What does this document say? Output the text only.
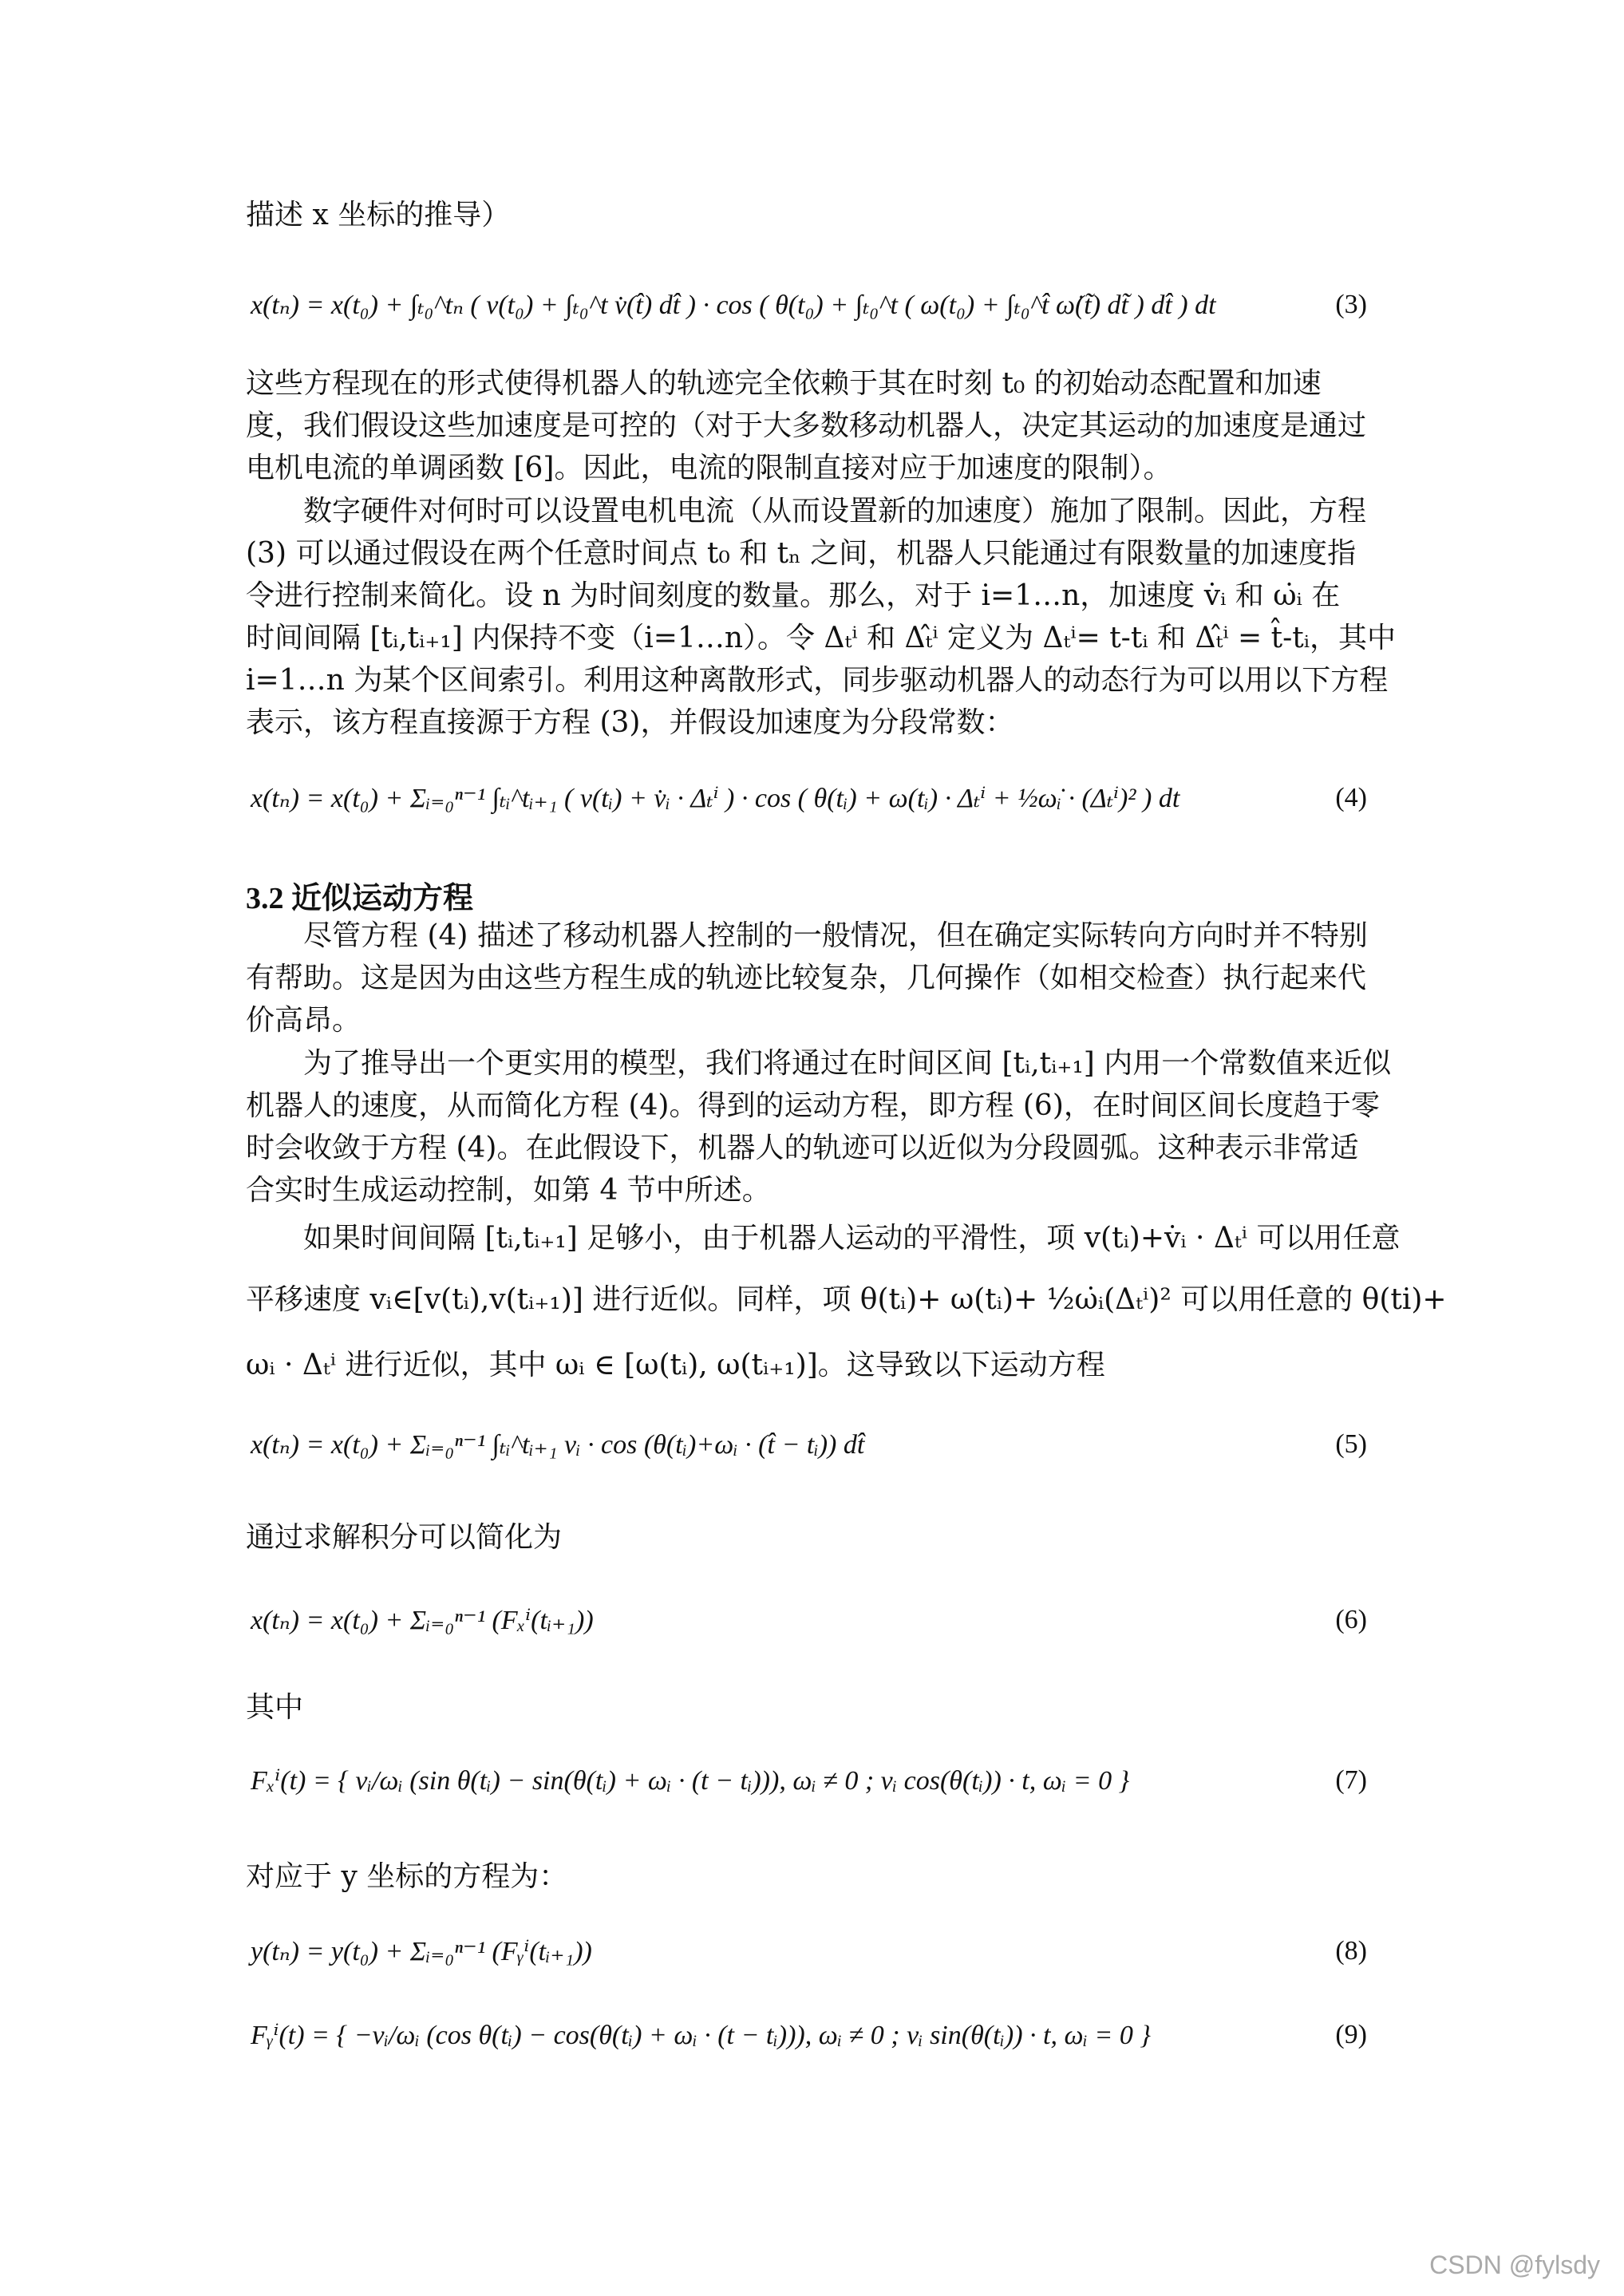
描述 x 坐标的推导）
x(tₙ) = x(t₀) + ∫ₜ₀^tₙ ( v(t₀) + ∫ₜ₀^t v̇(t̂) dt̂ ) · cos ( θ(t₀) + ∫ₜ₀^t ( ω(t₀) + ∫ₜ₀^t̂ ω̇(t̃) dt̃ ) dt̂ ) dt	(3)
这些方程现在的形式使得机器人的轨迹完全依赖于其在时刻 t₀ 的初始动态配置和加速
度，我们假设这些加速度是可控的（对于大多数移动机器人，决定其运动的加速度是通过
电机电流的单调函数 [6]。因此，电流的限制直接对应于加速度的限制）。
数字硬件对何时可以设置电机电流（从而设置新的加速度）施加了限制。因此，方程
(3) 可以通过假设在两个任意时间点 t₀ 和 tₙ 之间，机器人只能通过有限数量的加速度指
令进行控制来简化。设 n 为时间刻度的数量。那么，对于 i=1…n，加速度 v̇ᵢ 和 ω̇ᵢ 在
时间间隔 [tᵢ,tᵢ₊₁] 内保持不变（i=1…n）。令 Δₜⁱ 和 Δₜ̂ⁱ 定义为 Δₜⁱ= t-tᵢ 和 Δₜ̂ⁱ = t̂-tᵢ，其中
i=1…n 为某个区间索引。利用这种离散形式，同步驱动机器人的动态行为可以用以下方程
表示，该方程直接源于方程 (3)，并假设加速度为分段常数：
x(tₙ) = x(t₀) + Σᵢ₌₀ⁿ⁻¹ ∫ₜᵢ^tᵢ₊₁ ( v(tᵢ) + v̇ᵢ · Δₜⁱ ) · cos ( θ(tᵢ) + ω(tᵢ) · Δₜⁱ + ½ω̇ᵢ · (Δₜⁱ)² ) dt	(4)
3.2 近似运动方程
尽管方程 (4) 描述了移动机器人控制的一般情况，但在确定实际转向方向时并不特别
有帮助。这是因为由这些方程生成的轨迹比较复杂，几何操作（如相交检查）执行起来代
价高昂。
为了推导出一个更实用的模型，我们将通过在时间区间 [tᵢ,tᵢ₊₁] 内用一个常数值来近似
机器人的速度，从而简化方程 (4)。得到的运动方程，即方程 (6)，在时间区间长度趋于零
时会收敛于方程 (4)。在此假设下，机器人的轨迹可以近似为分段圆弧。这种表示非常适
合实时生成运动控制，如第 4 节中所述。
如果时间间隔 [tᵢ,tᵢ₊₁] 足够小，由于机器人运动的平滑性，项 v(tᵢ)+v̇ᵢ · Δₜⁱ 可以用任意
平移速度 vᵢ∈[v(tᵢ),v(tᵢ₊₁)] 进行近似。同样，项 θ(tᵢ)+ ω(tᵢ)+ ½ω̇ᵢ(Δₜⁱ)² 可以用任意的 θ(ti)+
ωᵢ · Δₜⁱ 进行近似，其中 ωᵢ ∈ [ω(tᵢ), ω(tᵢ₊₁)]。这导致以下运动方程
x(tₙ) = x(t₀) + Σᵢ₌₀ⁿ⁻¹ ∫ₜᵢ^tᵢ₊₁ vᵢ · cos (θ(tᵢ)+ωᵢ · (t̂ − tᵢ)) dt̂	(5)
通过求解积分可以简化为
x(tₙ) = x(t₀) + Σᵢ₌₀ⁿ⁻¹ (Fₓⁱ(tᵢ₊₁))	(6)
其中
Fₓⁱ(t) = { vᵢ/ωᵢ (sin θ(tᵢ) − sin(θ(tᵢ) + ωᵢ · (t − tᵢ))), ωᵢ ≠ 0 ; vᵢ cos(θ(tᵢ)) · t, ωᵢ = 0 }	(7)
对应于 y 坐标的方程为：
y(tₙ) = y(t₀) + Σᵢ₌₀ⁿ⁻¹ (Fᵧⁱ(tᵢ₊₁))	(8)
Fᵧⁱ(t) = { −vᵢ/ωᵢ (cos θ(tᵢ) − cos(θ(tᵢ) + ωᵢ · (t − tᵢ))), ωᵢ ≠ 0 ; vᵢ sin(θ(tᵢ)) · t, ωᵢ = 0 }	(9)
CSDN @fylsdy
